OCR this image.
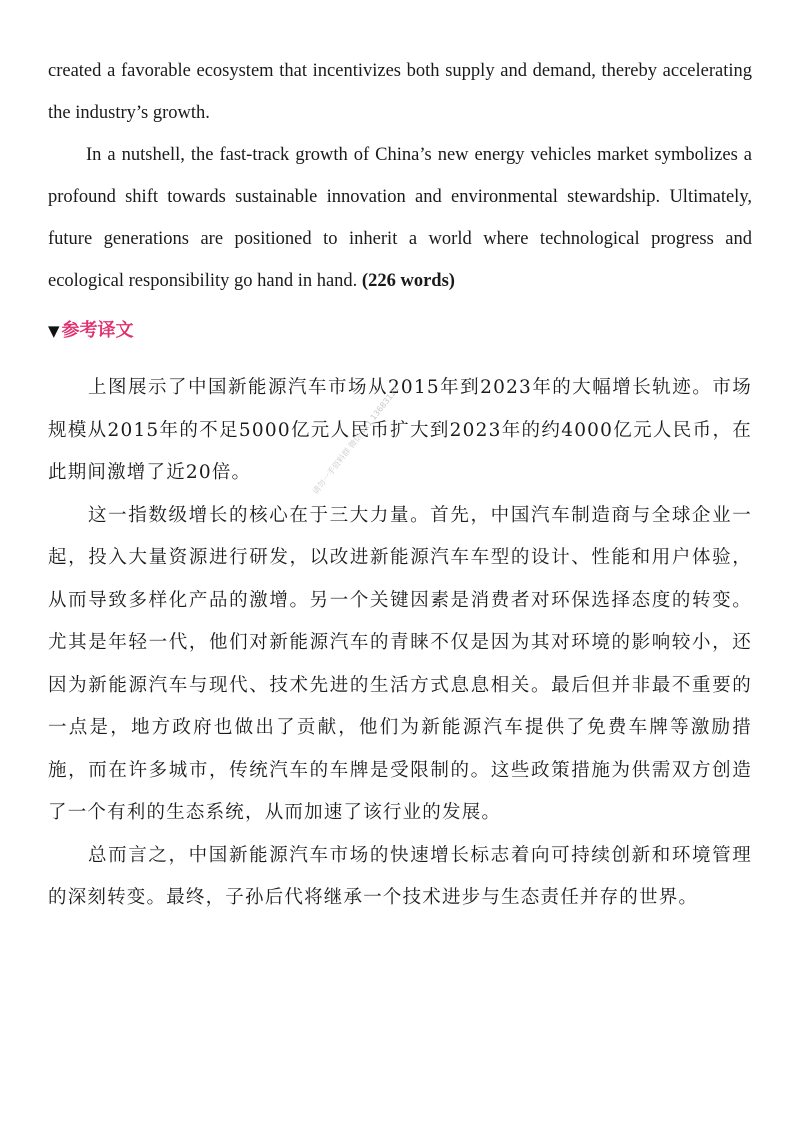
created a favorable ecosystem that incentivizes both supply and demand, thereby accelerating the industry’s growth.

In a nutshell, the fast-track growth of China’s new energy vehicles market symbolizes a profound shift towards sustainable innovation and environmental stewardship. Ultimately, future generations are positioned to inherit a world where technological progress and ecological responsibility go hand in hand. (226 words)

▼ 参考译文

上图展示了中国新能源汽车市场从2015年到2023年的大幅增长轨迹。市场规模从2015年的不足5000亿元人民币扩大到2023年的约4000亿元人民币，在此期间激增了近20倍。

这一指数级增长的核心在于三大力量。首先，中国汽车制造商与全球企业一起，投入大量资源进行研发，以改进新能源汽车车型的设计、性能和用户体验，从而导致多样化产品的激增。另一个关键因素是消费者对环保选择态度的转变。尤其是年轻一代，他们对新能源汽车的青睐不仅是因为其对环境的影响较小，还因为新能源汽车与现代、技术先进的生活方式息息相关。最后但并非最不重要的一点是，地方政府也做出了贡献，他们为新能源汽车提供了免费车牌等激励措施，而在许多城市，传统汽车的车牌是受限制的。这些政策措施为供需双方创造了一个有利的生态系统，从而加速了该行业的发展。

总而言之，中国新能源汽车市场的快速增长标志着向可持续创新和环境管理的深刻转变。最终，子孙后代将继承一个技术进步与生态责任并存的世界。

请勿一手资料群 微信 vx1 13683121
